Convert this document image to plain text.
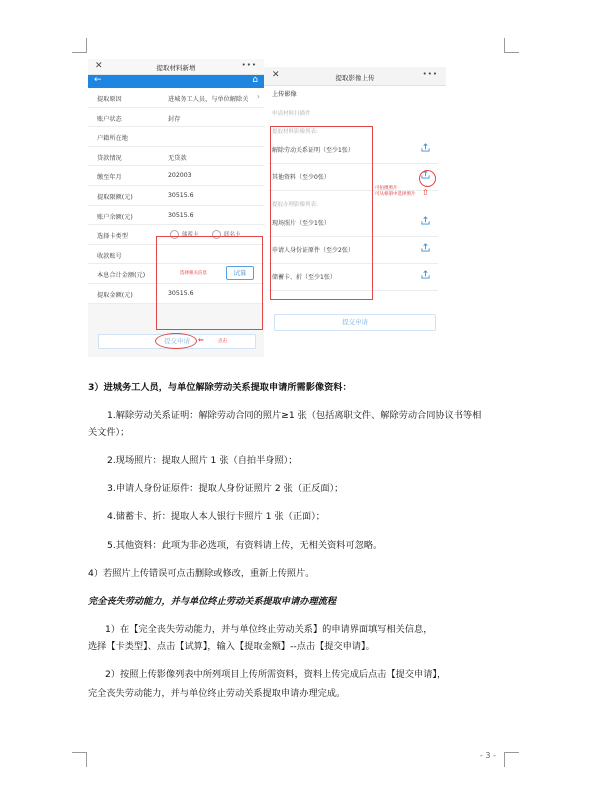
✕	提取材料新增	•••
←	⌂
提取原因	进城务工人员，与单位解除关 ›
账户状态	封存
户籍所在地
贷款情况	无贷款
缴至年月	202003
提取限额(元)	30515.6
账户余额(元)	30515.6
选择卡类型	储蓄卡	联名卡
收款账号
本息合计金额(元)	选择相关信息	试算
提取金额(元)	30515.6
提交申请	⇐	点击
✕	提取影像上传	•••
上传影像
申请材料扫描件
提取材料影像列表:
解除劳动关系证明（至少1张）
其他资料（至少0张）
提取办理影像列表:
现场照片（至少1张）
申请人身份证原件（至少2张）
储蓄卡、折（至少1张）
提交申请
可拍摄照片
可从相册中选择照片 ⇧
3）进城务工人员，与单位解除劳动关系提取申请所需影像资料：
1.解除劳动关系证明：解除劳动合同的照片≥1 张（包括离职文件、解除劳动合同协议书等相
关文件）；
2.现场照片：提取人照片 1 张（自拍半身照）；
3.申请人身份证原件：提取人身份证照片 2 张（正反面）；
4.储蓄卡、折：提取人本人银行卡照片 1 张（正面）；
5.其他资料：此项为非必选项，有资料请上传，无相关资料可忽略。
4）若照片上传错误可点击删除或修改，重新上传照片。
完全丧失劳动能力，并与单位终止劳动关系提取申请办理流程
1）在【完全丧失劳动能力，并与单位终止劳动关系】的申请界面填写相关信息，
选择【卡类型】、点击【试算】，输入【提取金额】--点击【提交申请】。
2）按照上传影像列表中所列项目上传所需资料，资料上传完成后点击【提交申请】，
完全丧失劳动能力，并与单位终止劳动关系提取申请办理完成。
- 3 -
